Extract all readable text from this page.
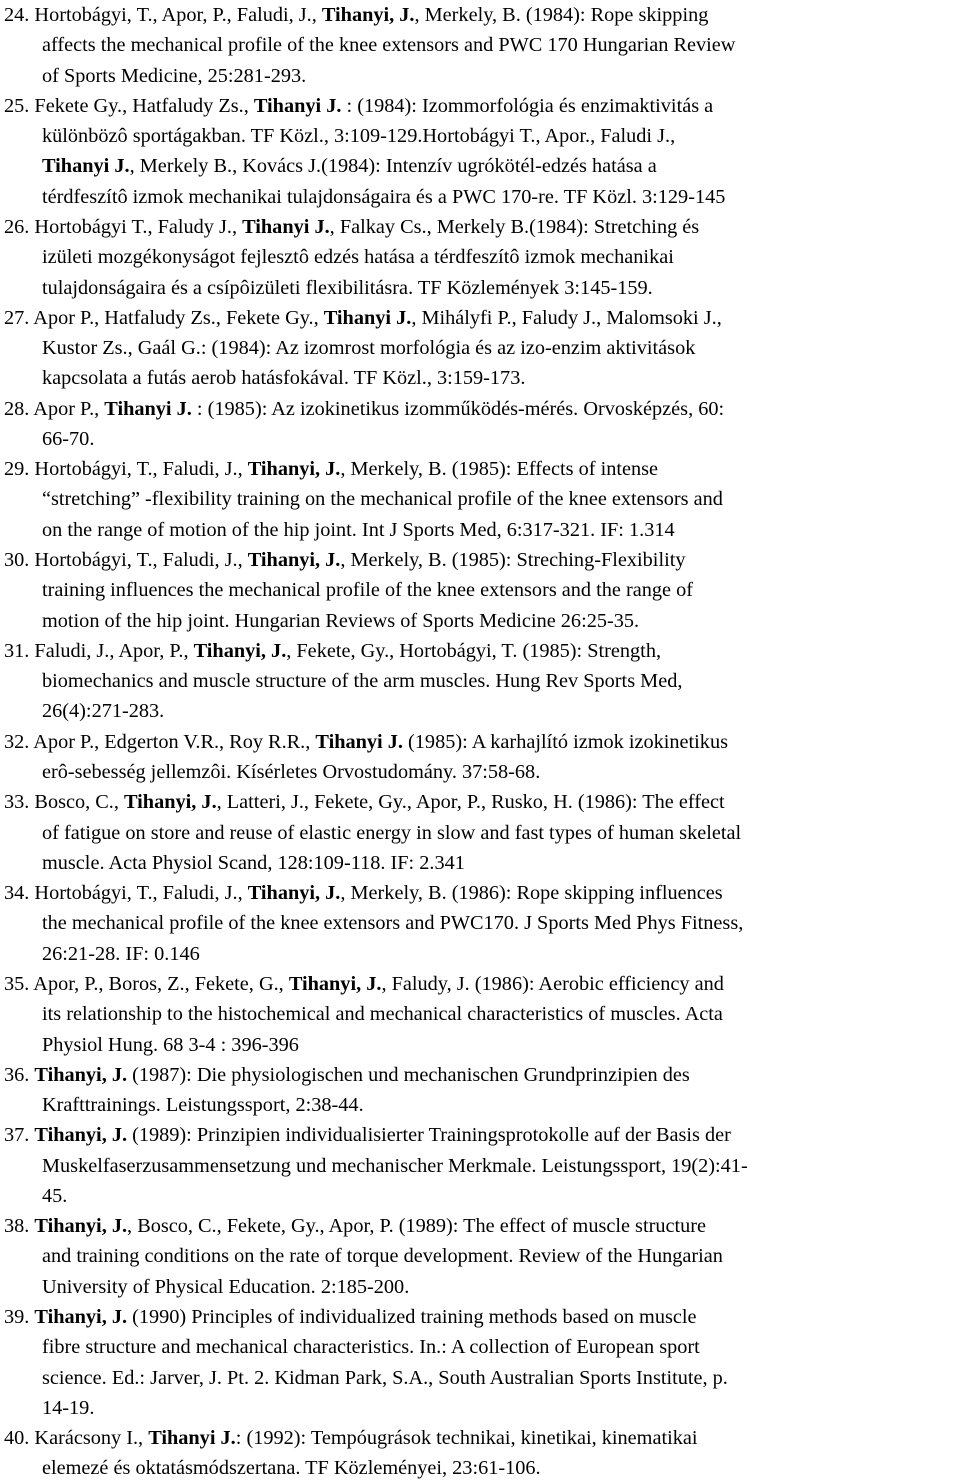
24. Hortobágyi, T., Apor, P., Faludi, J., Tihanyi, J., Merkely, B. (1984): Rope skipping
affects the mechanical profile of the knee extensors and PWC 170 Hungarian Review
of Sports Medicine, 25:281-293.
25. Fekete Gy., Hatfaludy Zs., Tihanyi J. : (1984): Izommorfológia és enzimaktivitás a
különbözô sportágakban. TF Közl., 3:109-129.Hortobágyi T., Apor., Faludi J.,
Tihanyi J., Merkely B., Kovács J.(1984): Intenzív ugrókötél-edzés hatása a
térdfeszítô izmok mechanikai tulajdonságaira és a PWC 170-re. TF Közl. 3:129-145
26. Hortobágyi T., Faludy J., Tihanyi J., Falkay Cs., Merkely B.(1984): Stretching és
izületi mozgékonyságot fejlesztô edzés hatása a térdfeszítô izmok mechanikai
tulajdonságaira és a csípôizületi flexibilitásra. TF Közlemények 3:145-159.
27. Apor P., Hatfaludy Zs., Fekete Gy., Tihanyi J., Mihályfi P., Faludy J., Malomsoki J.,
Kustor Zs., Gaál G.: (1984): Az izomrost morfológia és az izo-enzim aktivitások
kapcsolata a futás aerob hatásfokával. TF Közl., 3:159-173.
28. Apor P., Tihanyi J. : (1985): Az izokinetikus izomműködés-mérés. Orvosképzés, 60:
66-70.
29. Hortobágyi, T., Faludi, J., Tihanyi, J., Merkely, B. (1985): Effects of intense
“stretching” -flexibility training on the mechanical profile of the knee extensors and
on the range of motion of the hip joint. Int J Sports Med, 6:317-321. IF: 1.314
30. Hortobágyi, T., Faludi, J., Tihanyi, J., Merkely, B. (1985): Streching-Flexibility
training influences the mechanical profile of the knee extensors and the range of
motion of the hip joint. Hungarian Reviews of Sports Medicine 26:25-35.
31. Faludi, J., Apor, P., Tihanyi, J., Fekete, Gy., Hortobágyi, T. (1985): Strength,
biomechanics and muscle structure of the arm muscles. Hung Rev Sports Med,
26(4):271-283.
32. Apor P., Edgerton V.R., Roy R.R., Tihanyi J. (1985): A karhajlító izmok izokinetikus
erô-sebesség jellemzôi. Kísérletes Orvostudomány. 37:58-68.
33. Bosco, C., Tihanyi, J., Latteri, J., Fekete, Gy., Apor, P., Rusko, H. (1986): The effect
of fatigue on store and reuse of elastic energy in slow and fast types of human skeletal
muscle. Acta Physiol Scand, 128:109-118. IF: 2.341
34. Hortobágyi, T., Faludi, J., Tihanyi, J., Merkely, B. (1986): Rope skipping influences
the mechanical profile of the knee extensors and PWC170. J Sports Med Phys Fitness,
26:21-28. IF: 0.146
35. Apor, P., Boros, Z., Fekete, G., Tihanyi, J., Faludy, J. (1986): Aerobic efficiency and
its relationship to the histochemical and mechanical characteristics of muscles. Acta
Physiol Hung. 68 3-4 : 396-396
36. Tihanyi, J. (1987): Die physiologischen und mechanischen Grundprinzipien des
Krafttrainings. Leistungssport, 2:38-44.
37. Tihanyi, J. (1989): Prinzipien individualisierter Trainingsprotokolle auf der Basis der
Muskelfaserzusammensetzung und mechanischer Merkmale. Leistungssport, 19(2):41-
45.
38. Tihanyi, J., Bosco, C., Fekete, Gy., Apor, P. (1989): The effect of muscle structure
and training conditions on the rate of torque development. Review of the Hungarian
University of Physical Education. 2:185-200.
39. Tihanyi, J. (1990) Principles of individualized training methods based on muscle
fibre structure and mechanical characteristics. In.: A collection of European sport
science. Ed.: Jarver, J. Pt. 2. Kidman Park, S.A., South Australian Sports Institute, p.
14-19.
40. Karácsony I., Tihanyi J.: (1992): Tempóugrások technikai, kinetikai, kinematikai
elemezé és oktatásmódszertana. TF Közleményei, 23:61-106.
